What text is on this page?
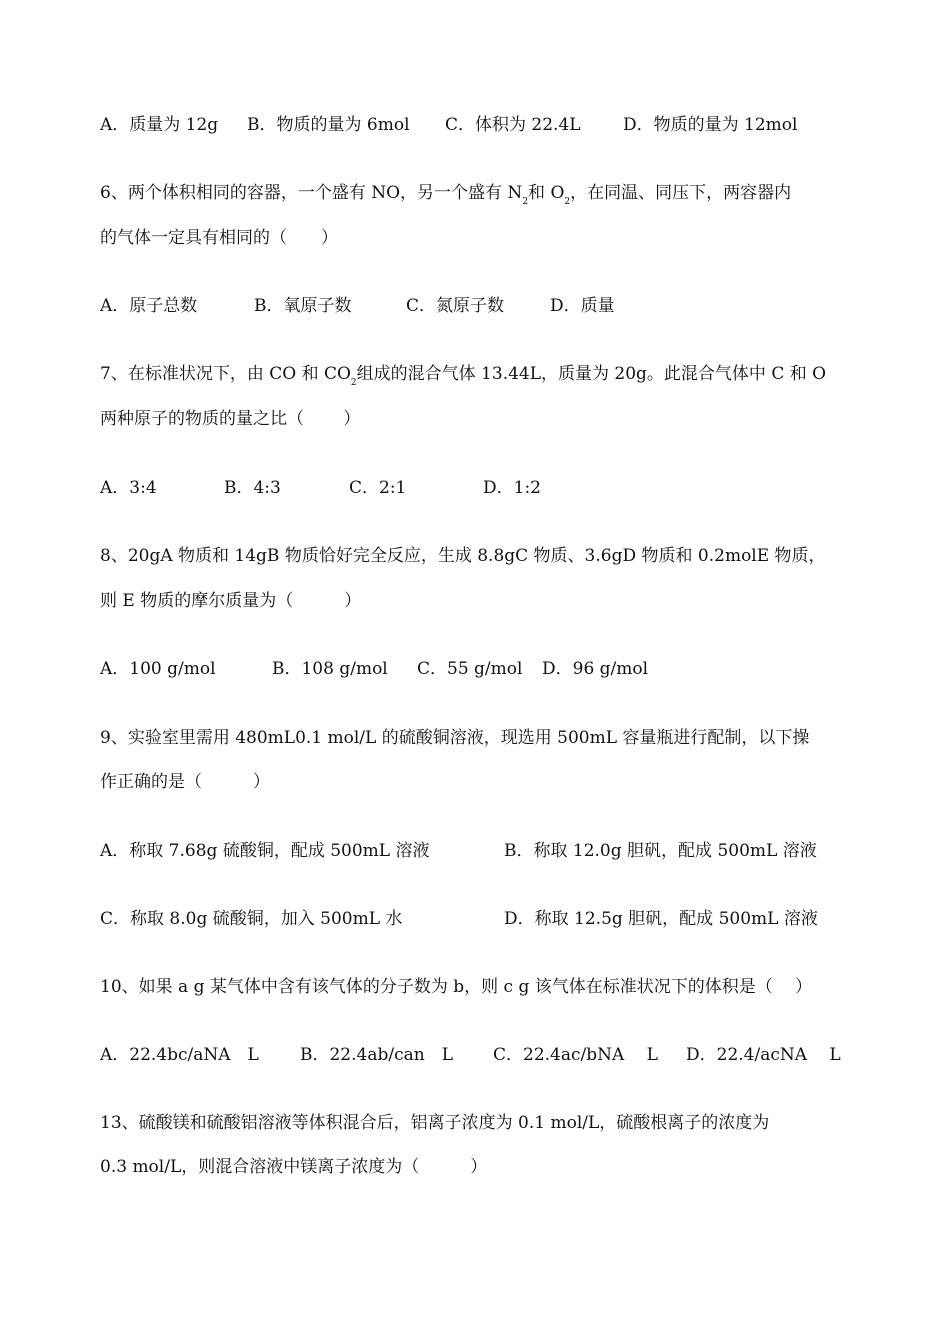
A．质量为 12g B．物质的量为 6mol C．体积为 22.4L D．物质的量为 12mol
6、两个体积相同的容器，一个盛有 NO，另一个盛有 $N_2$和 $O_2$，在同温、同压下，两容器内
的气体一定具有相同的（　　）
A．原子总数	B．氧原子数	C．氮原子数	D．质量
7、在标准状况下，由 CO 和 $CO_2$组成的混合气体 13.44L，质量为 20g。此混合气体中 C 和 O
两种原子的物质的量之比（　　 ）
A．3:4	B．4:3	C．2:1	D．1:2
8、20gA 物质和 14gB 物质恰好完全反应，生成 8.8gC 物质、3.6gD 物质和 0.2molE 物质，
则 E 物质的摩尔质量为（　　　）
A．100 g/mol	B．108 g/mol C．55 g/mol D．96 g/mol
9、实验室里需用 480mL0.1 mol/L 的硫酸铜溶液，现选用 500mL 容量瓶进行配制，以下操
作正确的是（　　　）
A．称取 7.68g 硫酸铜，配成 500mL 溶液	B．称取 12.0g 胆矾，配成 500mL 溶液
C．称取 8.0g 硫酸铜，加入 500mL 水	D．称取 12.5g 胆矾，配成 500mL 溶液
10、如果 a g 某气体中含有该气体的分子数为 b，则 c g 该气体在标准状况下的体积是（　 ）
A．22.4bc/aNA　L B．22.4ab/can　L C．22.4ac/bNA　 L D．22.4/acNA　 L
13、硫酸镁和硫酸铝溶液等体积混合后，铝离子浓度为 0.1 mol/L，硫酸根离子的浓度为
0.3 mol/L，则混合溶液中镁离子浓度为（　　　）
